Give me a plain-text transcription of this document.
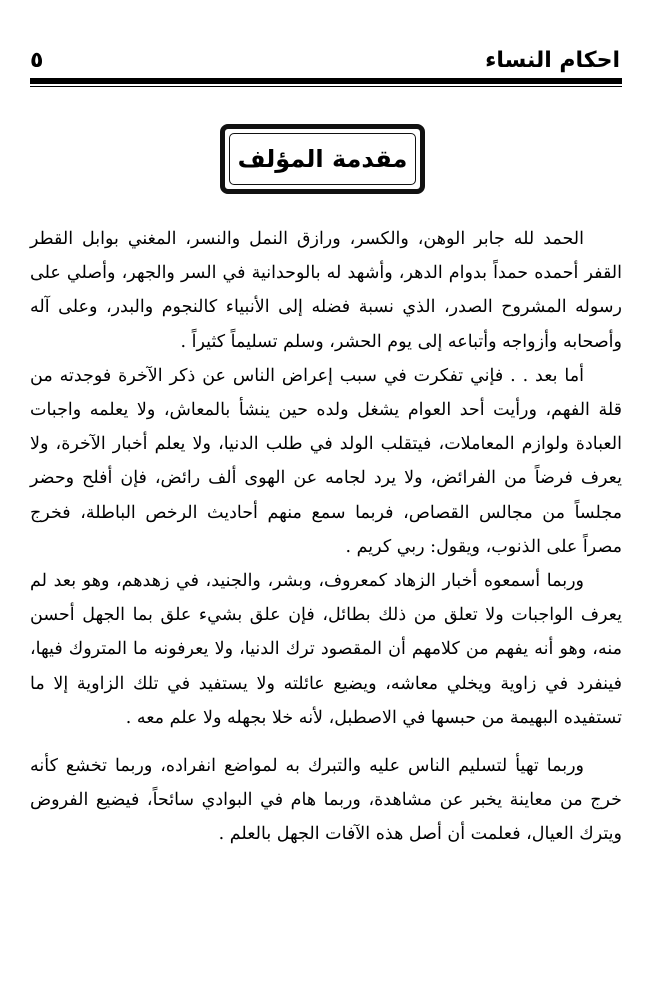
احكام النساء
٥
مقدمة المؤلف

الحمد لله جابر الوهن، والكسر، ورازق النمل والنسر، المغني بوابل القطر القفر أحمده حمداً بدوام الدهر، وأشهد له بالوحدانية في السر والجهر، وأصلي على رسوله المشروح الصدر، الذي نسبة فضله إلى الأنبياء كالنجوم والبدر، وعلى آله وأصحابه وأزواجه وأتباعه إلى يوم الحشر، وسلم تسليماً كثيراً .

أما بعد . . فإني تفكرت في سبب إعراض الناس عن ذكر الآخرة فوجدته من قلة الفهم، ورأيت أحد العوام يشغل ولده حين ينشأ بالمعاش، ولا يعلمه واجبات العبادة ولوازم المعاملات، فيتقلب الولد في طلب الدنيا، ولا يعلم أخبار الآخرة، ولا يعرف فرضاً من الفرائض، ولا يرد لجامه عن الهوى ألف رائض، فإن أفلح وحضر مجلساً من مجالس القصاص، فربما سمع منهم أحاديث الرخص الباطلة، فخرج مصراً على الذنوب، ويقول: ربي كريم .

وربما أسمعوه أخبار الزهاد كمعروف، وبشر، والجنيد، في زهدهم، وهو بعد لم يعرف الواجبات ولا تعلق من ذلك بطائل، فإن علق بشيء علق بما الجهل أحسن منه، وهو أنه يفهم من كلامهم أن المقصود ترك الدنيا، ولا يعرفونه ما المتروك فيها، فينفرد في زاوية ويخلي معاشه، ويضيع عائلته ولا يستفيد في تلك الزاوية إلا ما تستفيده البهيمة من حبسها في الاصطبل، لأنه خلا بجهله ولا علم معه .

وربما تهيأ لتسليم الناس عليه والتبرك به لمواضع انفراده، وربما تخشع كأنه خرج من معاينة يخبر عن مشاهدة، وربما هام في البوادي سائحاً، فيضيع الفروض ويترك العيال، فعلمت أن أصل هذه الآفات الجهل بالعلم .
